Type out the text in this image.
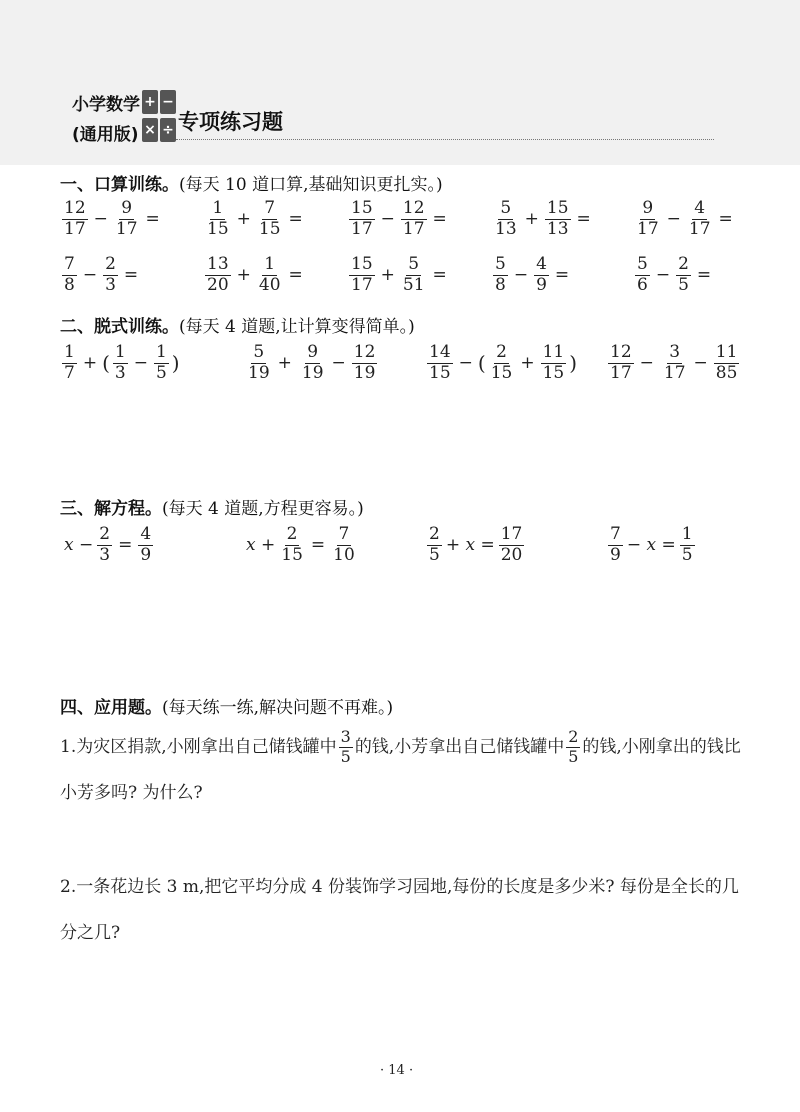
小学数学
(通用版)
+ −
× ÷ 专项练习题
一、口算训练。(每天 10 道口算,基础知识更扎实。)
$\frac{12}{17} - \frac{9}{17}$ =	$\frac{1}{15} + \frac{7}{15}$ =	$\frac{15}{17} - \frac{12}{17}$ =	$\frac{5}{13} + \frac{15}{13}$ =	$\frac{9}{17} - \frac{4}{17}$ =
$\frac{7}{8} - \frac{2}{3}$ =	$\frac{13}{20} + \frac{1}{40}$ =	$\frac{15}{17} + \frac{5}{51}$ =	$\frac{5}{8} - \frac{4}{9}$ =	$\frac{5}{6} - \frac{2}{5}$ =
二、脱式训练。(每天 4 道题,让计算变得简单。)
$\frac{1}{7}$ + ( $\frac{1}{3} - \frac{1}{5}$ )	$\frac{5}{19} + \frac{9}{19} - \frac{12}{19}$	$\frac{14}{15}$ − ( $\frac{2}{15} + \frac{11}{15}$ ) $\frac{12}{17} - \frac{3}{17} - \frac{11}{85}$
三、解方程。(每天 4 道题,方程更容易。)
$x - \frac{2}{3} = \frac{4}{9}$	$x + \frac{2}{15} = \frac{7}{10}$	$\frac{2}{5} + x = \frac{17}{20}$	$\frac{7}{9} - x = \frac{1}{5}$
四、应用题。(每天练一练,解决问题不再难。)
1.为灾区捐款,小刚拿出自己储钱罐中 $\frac{3}{5}$ 的钱,小芳拿出自己储钱罐中 $\frac{2}{5}$ 的钱,小刚拿出的钱比小芳多吗? 为什么?
2.一条花边长 3 m,把它平均分成 4 份装饰学习园地,每份的长度是多少米? 每份是全长的几分之几?
· 14 ·
